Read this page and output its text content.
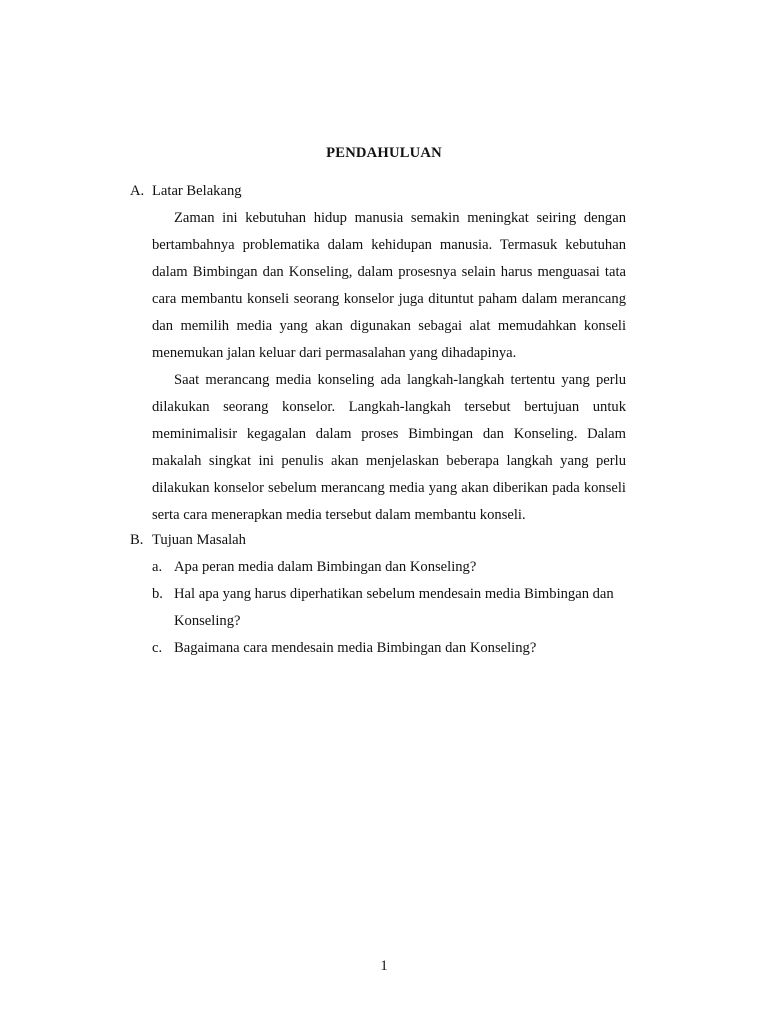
PENDAHULUAN
A. Latar Belakang

Zaman ini kebutuhan hidup manusia semakin meningkat seiring dengan bertambahnya problematika dalam kehidupan manusia. Termasuk kebutuhan dalam Bimbingan dan Konseling, dalam prosesnya selain harus menguasai tata cara membantu konseli seorang konselor juga dituntut paham dalam merancang dan memilih media yang akan digunakan sebagai alat memudahkan konseli menemukan jalan keluar dari permasalahan yang dihadapinya.

Saat merancang media konseling ada langkah-langkah tertentu yang perlu dilakukan seorang konselor. Langkah-langkah tersebut bertujuan untuk meminimalisir kegagalan dalam proses Bimbingan dan Konseling. Dalam makalah singkat ini penulis akan menjelaskan beberapa langkah yang perlu dilakukan konselor sebelum merancang media yang akan diberikan pada konseli serta cara menerapkan media tersebut dalam membantu konseli.

B. Tujuan Masalah
a. Apa peran media dalam Bimbingan dan Konseling?
b. Hal apa yang harus diperhatikan sebelum mendesain media Bimbingan dan Konseling?
c. Bagaimana cara mendesain media Bimbingan dan Konseling?
1
